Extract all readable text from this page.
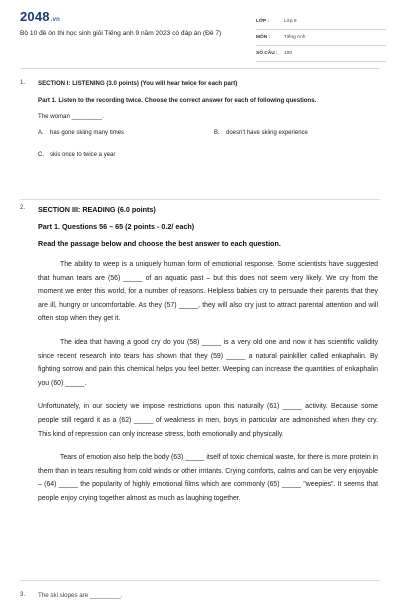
2048.vn
Bộ 10 đề ôn thi học sinh giỏi Tiếng anh 9 năm 2023 có đáp án (Đề 7)
LỚP :	Lớp 9
MÔN :	Tiếng Anh
SỐ CÂU :	100
1. SECTION I: LISTENING (3.0 points) (You will hear twice for each part)
Part 1. Listen to the recording twice. Choose the correct answer for each of following questions.
The woman _________.
A. has gone skiing many times	B. doesn't have skiing experience
C. skis once to twice a year
2. SECTION III: READING (6.0 points)
Part 1. Questions 56 – 65 (2 points - 0.2/ each)
Read the passage below and choose the best answer to each question.
The ability to weep is a uniquely human form of emotional response. Some scientists have suggested that human tears are (56) _____ of an aquatic past – but this does not seem very likely. We cry from the moment we enter this world, for a number of reasons. Helpless babies cry to persuade their parents that they are ill, hungry or uncomfortable. As they (57) _____, they will also cry just to attract parental attention and will often stop when they get it.
The idea that having a good cry do you (58) _____ is a very old one and now it has scientific validity since recent research into tears has shown that they (59) _____ a natural painkiller called enkaphalin. By fighting sorrow and pain this chemical helps you feel better. Weeping can increase the quantities of enkaphalin you (60) _____.
Unfortunately, in our society we impose restrictions upon this naturally (61) _____ activity. Because some people still regard it as a (62) _____ of weakness in men, boys in particular are admonished when they cry. This kind of repression can only increase stress, both emotionally and physically.
Tears of emotion also help the body (63) _____ itself of toxic chemical waste, for there is more protein in them than in tears resulting from cold winds or other irritants. Crying comforts, calms and can be very enjoyable – (64) _____ the popularity of highly emotional films which are commonly (65) _____ "weepies". It seems that people enjoy crying together almost as much as laughing together.
3. The ski slopes are _________.
